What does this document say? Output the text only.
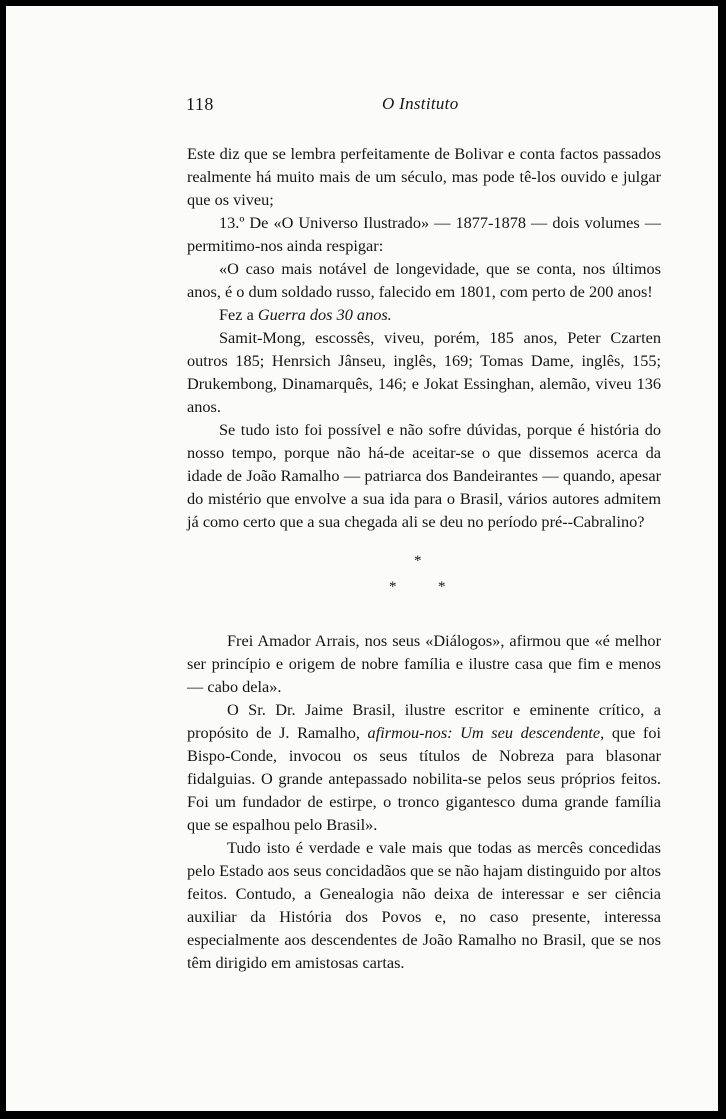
118	O Instituto

Este diz que se lembra perfeitamente de Bolivar e conta factos passados realmente há muito mais de um século, mas pode tê-los ouvido e julgar que os viveu;

13.º De «O Universo Ilustrado» — 1877-1878 — dois volumes — permitimo-nos ainda respigar:

«O caso mais notável de longevidade, que se conta, nos últimos anos, é o dum soldado russo, falecido em 1801, com perto de 200 anos!

Fez a Guerra dos 30 anos.

Samit-Mong, escossês, viveu, porém, 185 anos, Peter Czarten outros 185; Henrsich Jânseu, inglês, 169; Tomas Dame, inglês, 155; Drukembong, Dinamarquês, 146; e Jokat Essinghan, alemão, viveu 136 anos.

Se tudo isto foi possível e não sofre dúvidas, porque é história do nosso tempo, porque não há-de aceitar-se o que dissemos acerca da idade de João Ramalho — patriarca dos Bandeirantes — quando, apesar do mistério que envolve a sua ida para o Brasil, vários autores admitem já como certo que a sua chegada ali se deu no período pré--Cabralino?

*
*	*

Frei Amador Arrais, nos seus «Diálogos», afirmou que «é melhor ser princípio e origem de nobre família e ilustre casa que fim e menos — cabo dela».

O Sr. Dr. Jaime Brasil, ilustre escritor e eminente crítico, a propósito de J. Ramalho, afirmou-nos: Um seu descendente, que foi Bispo-Conde, invocou os seus títulos de Nobreza para blasonar fidalguias. O grande antepassado nobilita-se pelos seus próprios feitos. Foi um fundador de estirpe, o tronco gigantesco duma grande família que se espalhou pelo Brasil».

Tudo isto é verdade e vale mais que todas as mercês concedidas pelo Estado aos seus concidadãos que se não hajam distinguido por altos feitos. Contudo, a Genealogia não deixa de interessar e ser ciência auxiliar da História dos Povos e, no caso presente, interessa especialmente aos descendentes de João Ramalho no Brasil, que se nos têm dirigido em amistosas cartas.
